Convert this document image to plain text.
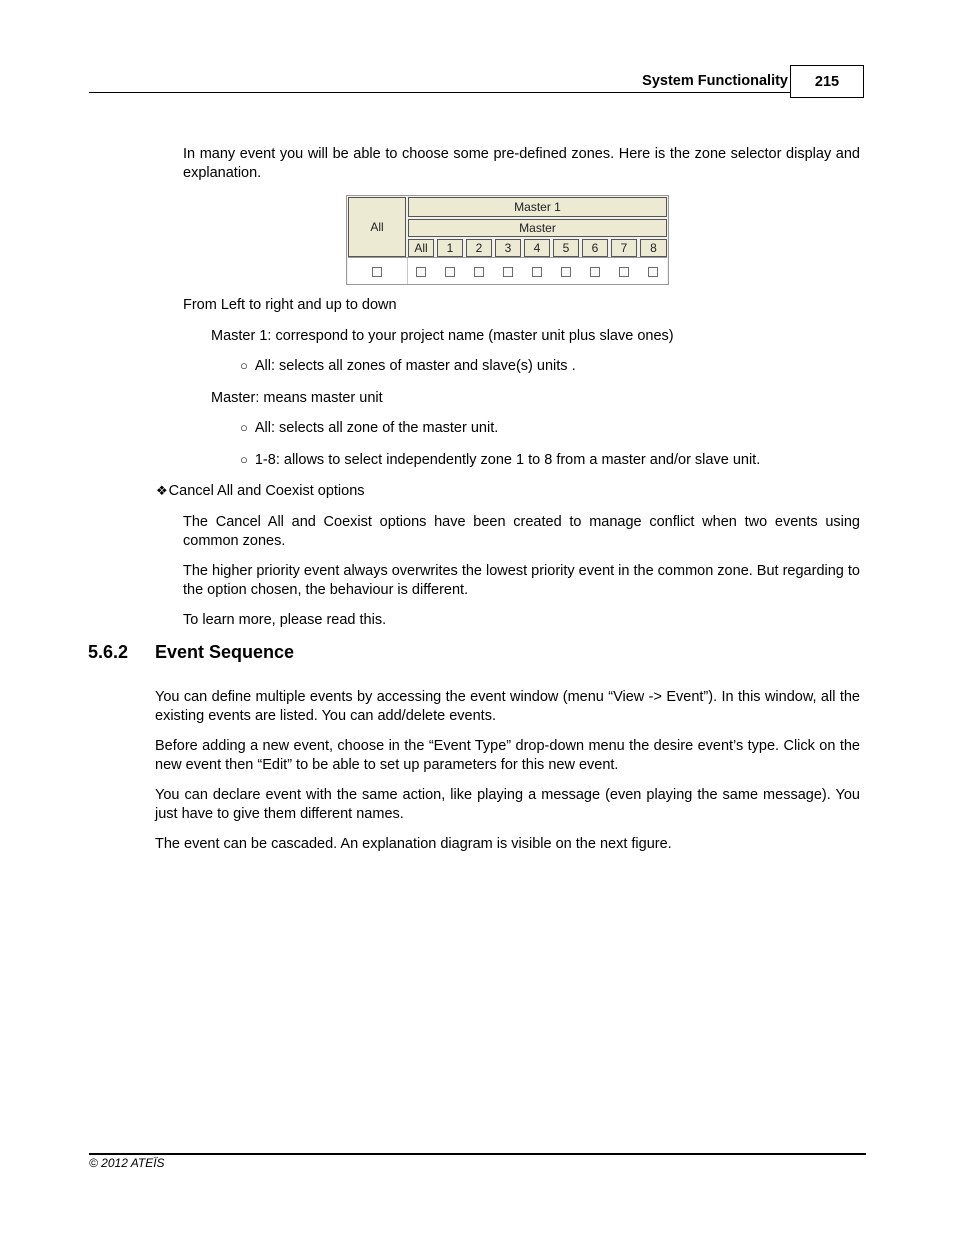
System Functionality	215
In many event you will be able to choose some pre-defined zones. Here is the zone selector display and explanation.
All
Master 1
Master
All	1	2	3	4	5	6	7	8
From Left to right and up to down
Master 1: correspond to your project name (master unit plus slave ones)
○ All: selects all zones of master and slave(s) units .
Master: means master unit
○ All: selects all zone of the master unit.
○ 1-8: allows to select independently zone 1 to 8 from a master and/or slave unit.
❖Cancel All and Coexist options
The Cancel All and Coexist options have been created to manage conflict when two events using common zones.
The higher priority event always overwrites the lowest priority event in the common zone. But regarding to the option chosen, the behaviour is different.
To learn more, please read this.
5.6.2 Event Sequence
You can define multiple events by accessing the event window (menu “View -> Event”). In this window, all the existing events are listed. You can add/delete events.
Before adding a new event, choose in the “Event Type” drop-down menu the desire event’s type. Click on the new event then “Edit” to be able to set up parameters for this new event.
You can declare event with the same action, like playing a message (even playing the same message). You just have to give them different names.
The event can be cascaded. An explanation diagram is visible on the next figure.
© 2012 ATEÏS
